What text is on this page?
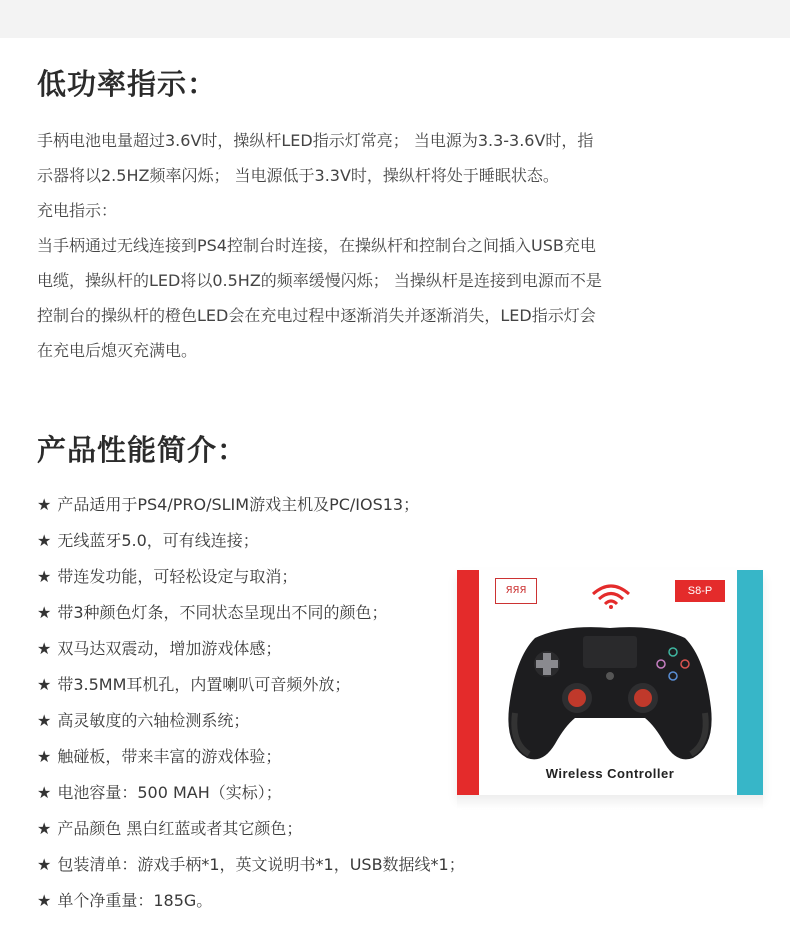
低功率指示：
手柄电池电量超过3.6V时，操纵杆LED指示灯常亮； 当电源为3.3-3.6V时，指
示器将以2.5HZ频率闪烁； 当电源低于3.3V时，操纵杆将处于睡眠状态。
充电指示：
当手柄通过无线连接到PS4控制台时连接，在操纵杆和控制台之间插入USB充电
电缆，操纵杆的LED将以0.5HZ的频率缓慢闪烁； 当操纵杆是连接到电源而不是
控制台的操纵杆的橙色LED会在充电过程中逐渐消失并逐渐消失，LED指示灯会
在充电后熄灭充满电。
产品性能简介：
★ 产品适用于PS4/PRO/SLIM游戏主机及PC/IOS13；
★ 无线蓝牙5.0，可有线连接；
★ 带连发功能，可轻松设定与取消；
★ 带3种颜色灯条，不同状态呈现出不同的颜色；
★ 双马达双震动，增加游戏体感；
★ 带3.5MM耳机孔，内置喇叭可音频外放；
★ 高灵敏度的六轴检测系统；
★ 触碰板，带来丰富的游戏体验；
★ 电池容量：500 MAH（实标）；
★ 产品颜色 黑白红蓝或者其它颜色；
★ 包装清单：游戏手柄*1，英文说明书*1，USB数据线*1；
★ 单个净重量：185G。
ЯЯЯ	S8-P
Wireless Controller
